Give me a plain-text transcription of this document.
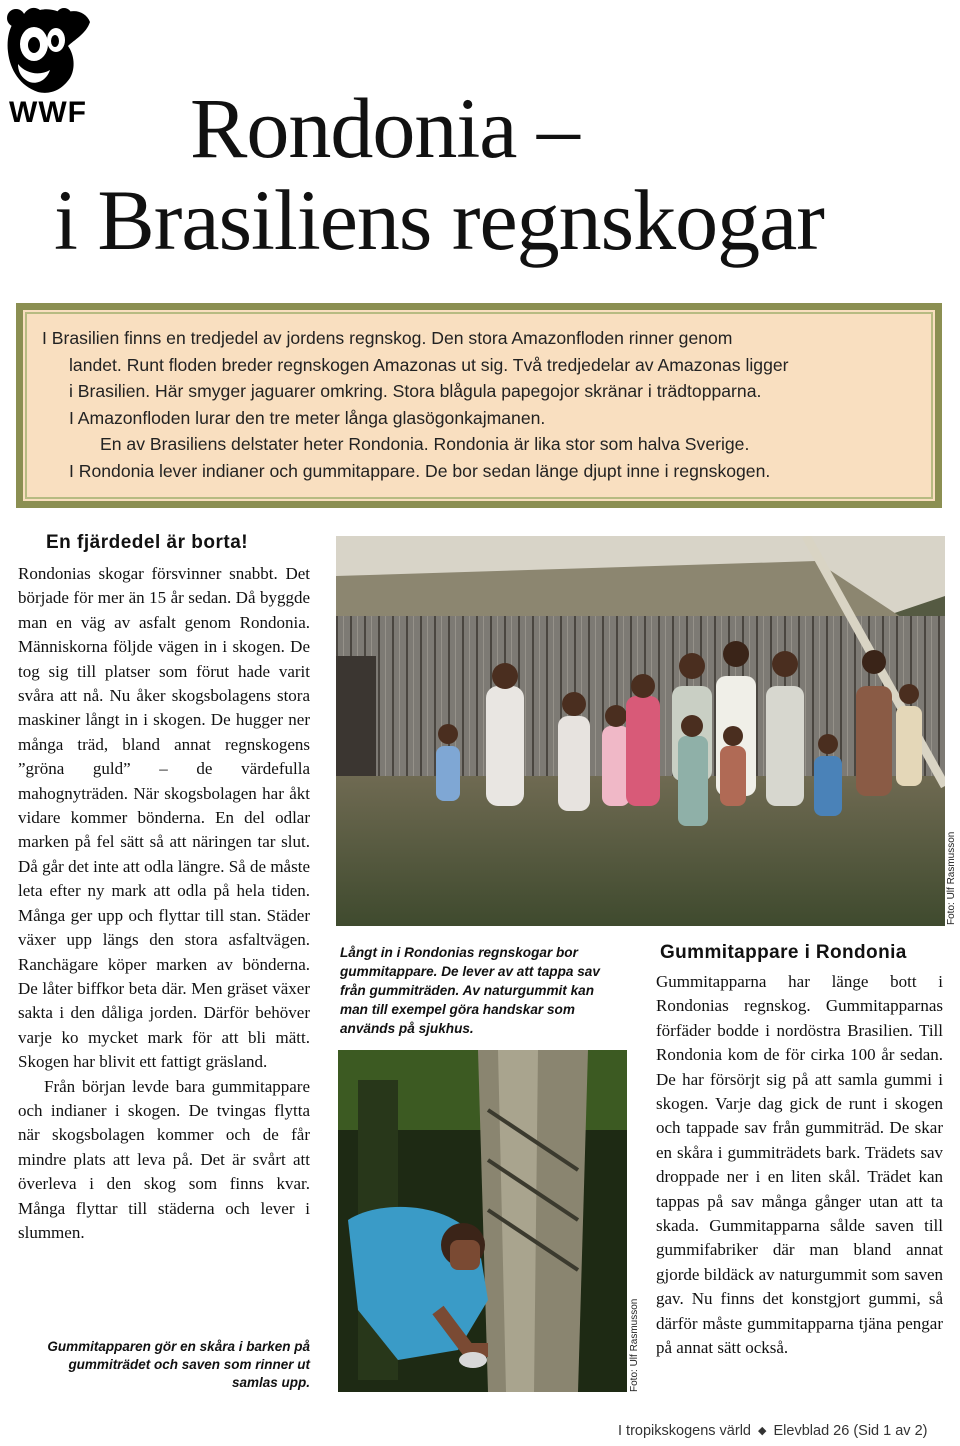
WWF	Rondonia –
i Brasiliens regnskogar

I Brasilien finns en tredjedel av jordens regnskog. Den stora Amazonfloden rinner genom

landet. Runt floden breder regnskogen Amazonas ut sig. Två tredjedelar av Amazonas ligger

i Brasilien. Här smyger jaguarer omkring. Stora blågula papegojor skränar i trädtopparna.

I Amazonfloden lurar den tre meter långa glasögonkajmanen.

En av Brasiliens delstater heter Rondonia. Rondonia är lika stor som halva Sverige.

I Rondonia lever indianer och gummitappare. De bor sedan länge djupt inne i regnskogen.

En fjärdedel är borta!

Rondonias skogar försvinner snabbt. Det började för mer än 15 år sedan. Då byggde man en väg av asfalt genom Rondonia. Människorna följde vägen in i skogen. De tog sig till platser som förut hade varit svåra att nå. Nu åker skogsbolagens stora maskiner långt in i skogen. De hugger ner många träd, bland annat regnskogens ”gröna guld” – de värdefulla mahognyträden. När skogsbolagen har åkt vidare kommer bönderna. En del odlar marken på fel sätt så att näringen tar slut. Då går det inte att odla längre. Så de måste leta efter ny mark att odla på hela tiden. Många ger upp och flyttar till stan. Städer växer upp längs den stora asfaltvägen. Ranchägare köper marken av bönderna. De låter biffkor beta där. Men gräset växer sakta i den dåliga jorden. Därför behöver varje ko mycket mark för att bli mätt. Skogen har blivit ett fattigt gräsland.

Från början levde bara gummitappare och indianer i skogen. De tvingas flytta när skogsbolagen kommer och de får mindre plats att leva på. Det är svårt att överleva i den skog som finns kvar. Många flyttar till städerna och lever i slummen.

Gummitapparen gör en skåra i barken på gummiträdet och saven som rinner ut samlas upp.
Foto: Ulf Rasmusson
Långt in i Rondonias regnskogar bor gummitappare. De lever av att tappa sav från gummiträden. Av naturgummit kan man till exempel göra handskar som används på sjukhus.
Foto: Ulf Rasmusson
Gummitappare i Rondonia
Gummitapparna har länge bott i Rondonias regnskog. Gummitapparnas förfäder bodde i nordöstra Brasilien. Till Rondonia kom de för cirka 100 år sedan. De har försörjt sig på att samla gummi i skogen. Varje dag gick de runt i skogen och tappade sav från gummiträd. De skar en skåra i gummiträdets bark. Trädets sav droppade ner i en liten skål. Trädet kan tappas på sav många gånger utan att ta skada. Gummitapparna sålde saven till gummifabriker där man bland annat gjorde bildäck av naturgummit som saven gav. Nu finns det konstgjort gummi, så därför måste gummitapparna tjäna pengar på annat sätt också.
I tropikskogens värld ◆ Elevblad 26 (Sid 1 av 2)
